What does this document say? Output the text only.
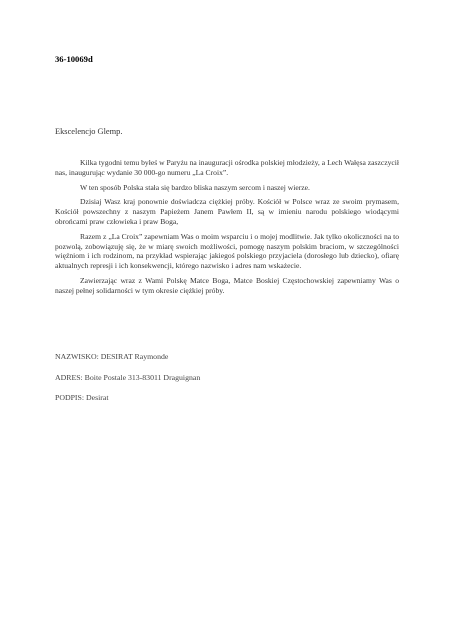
36-10069d
Ekscelencjo Glemp.

Kilka tygodni temu byłeś w Paryżu na inauguracji ośrodka polskiej młodzieży, a Lech Wałęsa zaszczycił nas, inaugurując wydanie 30 000-go numeru „La Croix”.

W ten sposób Polska stała się bardzo bliska naszym sercom i naszej wierze.

Dzisiaj Wasz kraj ponownie doświadcza ciężkiej próby. Kościół w Polsce wraz ze swoim prymasem, Kościół powszechny z naszym Papieżem Janem Pawłem II, są w imieniu narodu polskiego wiodącymi obrońcami praw człowieka i praw Boga,

Razem z „La Croix” zapewniam Was o moim wsparciu i o mojej modlitwie. Jak tylko okoliczności na to pozwolą, zobowiązuję się, że w miarę swoich możliwości, pomogę naszym polskim braciom, w szczególności więźniom i ich rodzinom, na przykład wspierając jakiegoś polskiego przyjaciela (dorosłego lub dziecko), ofiarę aktualnych represji i ich konsekwencji, którego nazwisko i adres nam wskażecie.

Zawierzając wraz z Wami Polskę Matce Boga, Matce Boskiej Częstochowskiej zapewniamy Was o naszej pełnej solidarności w tym okresie ciężkiej próby.

NAZWISKO: DESIRAT Raymonde
ADRES: Boite Postale 313-83011 Draguignan
PODPIS: Desirat
